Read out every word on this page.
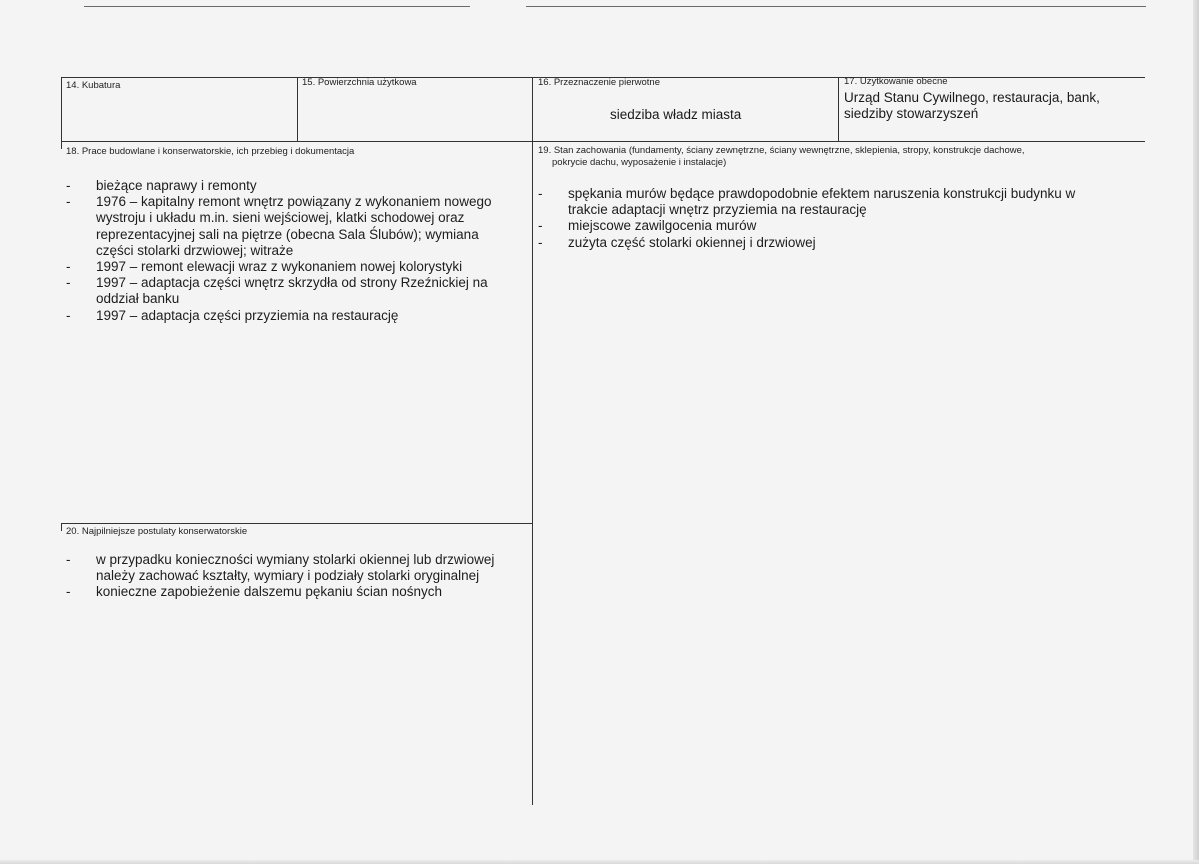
14. Kubatura	15. Powierzchnia użytkowa	16. Przeznaczenie pierwotne
siedziba władz miasta
17. Użytkowanie obecne
Urząd Stanu Cywilnego, restauracja, bank,
siedziby stowarzyszeń
18. Prace budowlane i konserwatorskie, ich przebieg i dokumentacja
- bieżące naprawy i remonty
- 1976 – kapitalny remont wnętrz powiązany z wykonaniem nowego wystroju i układu m.in. sieni wejściowej, klatki schodowej oraz reprezentacyjnej sali na piętrze (obecna Sala Ślubów); wymiana części stolarki drzwiowej; witraże
- 1997 – remont elewacji wraz z wykonaniem nowej kolorystyki
- 1997 – adaptacja części wnętrz skrzydła od strony Rzeźnickiej na oddział banku
- 1997 – adaptacja części przyziemia na restaurację
19. Stan zachowania (fundamenty, ściany zewnętrzne, ściany wewnętrzne, sklepienia, stropy, konstrukcje dachowe,
pokrycie dachu, wyposażenie i instalacje)
- spękania murów będące prawdopodobnie efektem naruszenia konstrukcji budynku w trakcie adaptacji wnętrz przyziemia na restaurację
- miejscowe zawilgocenia murów
- zużyta część stolarki okiennej i drzwiowej
20. Najpilniejsze postulaty konserwatorskie
- w przypadku konieczności wymiany stolarki okiennej lub drzwiowej należy zachować kształty, wymiary i podziały stolarki oryginalnej
- konieczne zapobieżenie dalszemu pękaniu ścian nośnych
